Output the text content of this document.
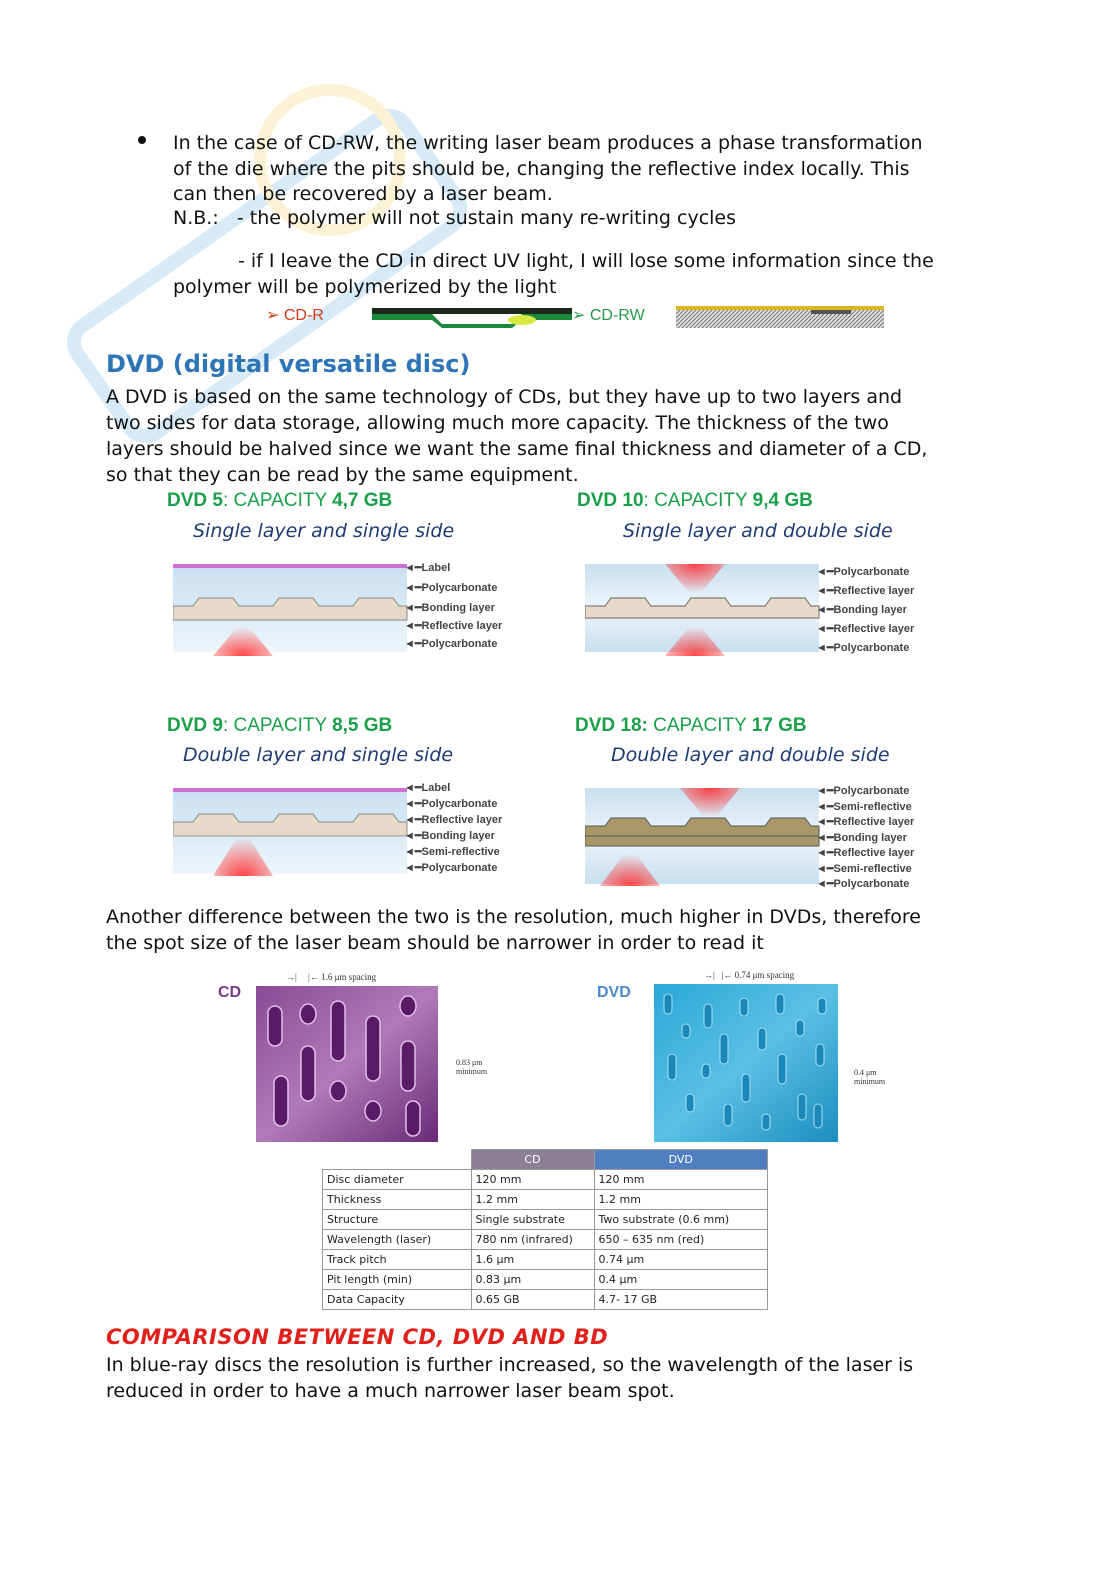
In the case of CD-RW, the writing laser beam produces a phase transformation
of the die where the pits should be, changing the reflective index locally. This
can then be recovered by a laser beam.
N.B.:   - the polymer will not sustain many re-writing cycles
- if I leave the CD in direct UV light, I will lose some information since the
polymer will be polymerized by the light
➢ CD-R	➢ CD-RW
DVD (digital versatile disc)
A DVD is based on the same technology of CDs, but they have up to two layers and
two sides for data storage, allowing much more capacity. The thickness of the two
layers should be halved since we want the same final thickness and diameter of a CD,
so that they can be read by the same equipment.
DVD 5: CAPACITY 4,7 GB
Single layer and single side
◄━Label
◄━Polycarbonate
◄━Bonding layer
◄━Reflective layer
◄━Polycarbonate
DVD 10: CAPACITY 9,4 GB
Single layer and double side
◄━Polycarbonate
◄━Reflective layer
◄━Bonding layer
◄━Reflective layer
◄━Polycarbonate
DVD 9: CAPACITY 8,5 GB
Double layer and single side
◄━Label
◄━Polycarbonate
◄━Reflective layer
◄━Bonding layer
◄━Semi-reflective
◄━Polycarbonate
DVD 18: CAPACITY 17 GB
Double layer and double side
◄━Polycarbonate
◄━Semi-reflective
◄━Reflective layer
◄━Bonding layer
◄━Reflective layer
◄━Semi-reflective
◄━Polycarbonate
Another difference between the two is the resolution, much higher in DVDs, therefore
the spot size of the laser beam should be narrower in order to read it
CD
→|     |← 1.6 μm spacing
0.83 μm
minimum
DVD
→|   |← 0.74 μm spacing
0.4 μm
minimum
	CD	DVD
Disc diameter	120 mm	120 mm
Thickness	1.2 mm	1.2 mm
Structure	Single substrate	Two substrate (0.6 mm)
Wavelength (laser)	780 nm (infrared)	650 – 635 nm (red)
Track pitch	1.6 μm	0.74 μm
Pit length (min)	0.83 μm	0.4 μm
Data Capacity	0.65 GB	4.7- 17 GB
COMPARISON BETWEEN CD, DVD AND BD
In blue-ray discs the resolution is further increased, so the wavelength of the laser is
reduced in order to have a much narrower laser beam spot.
